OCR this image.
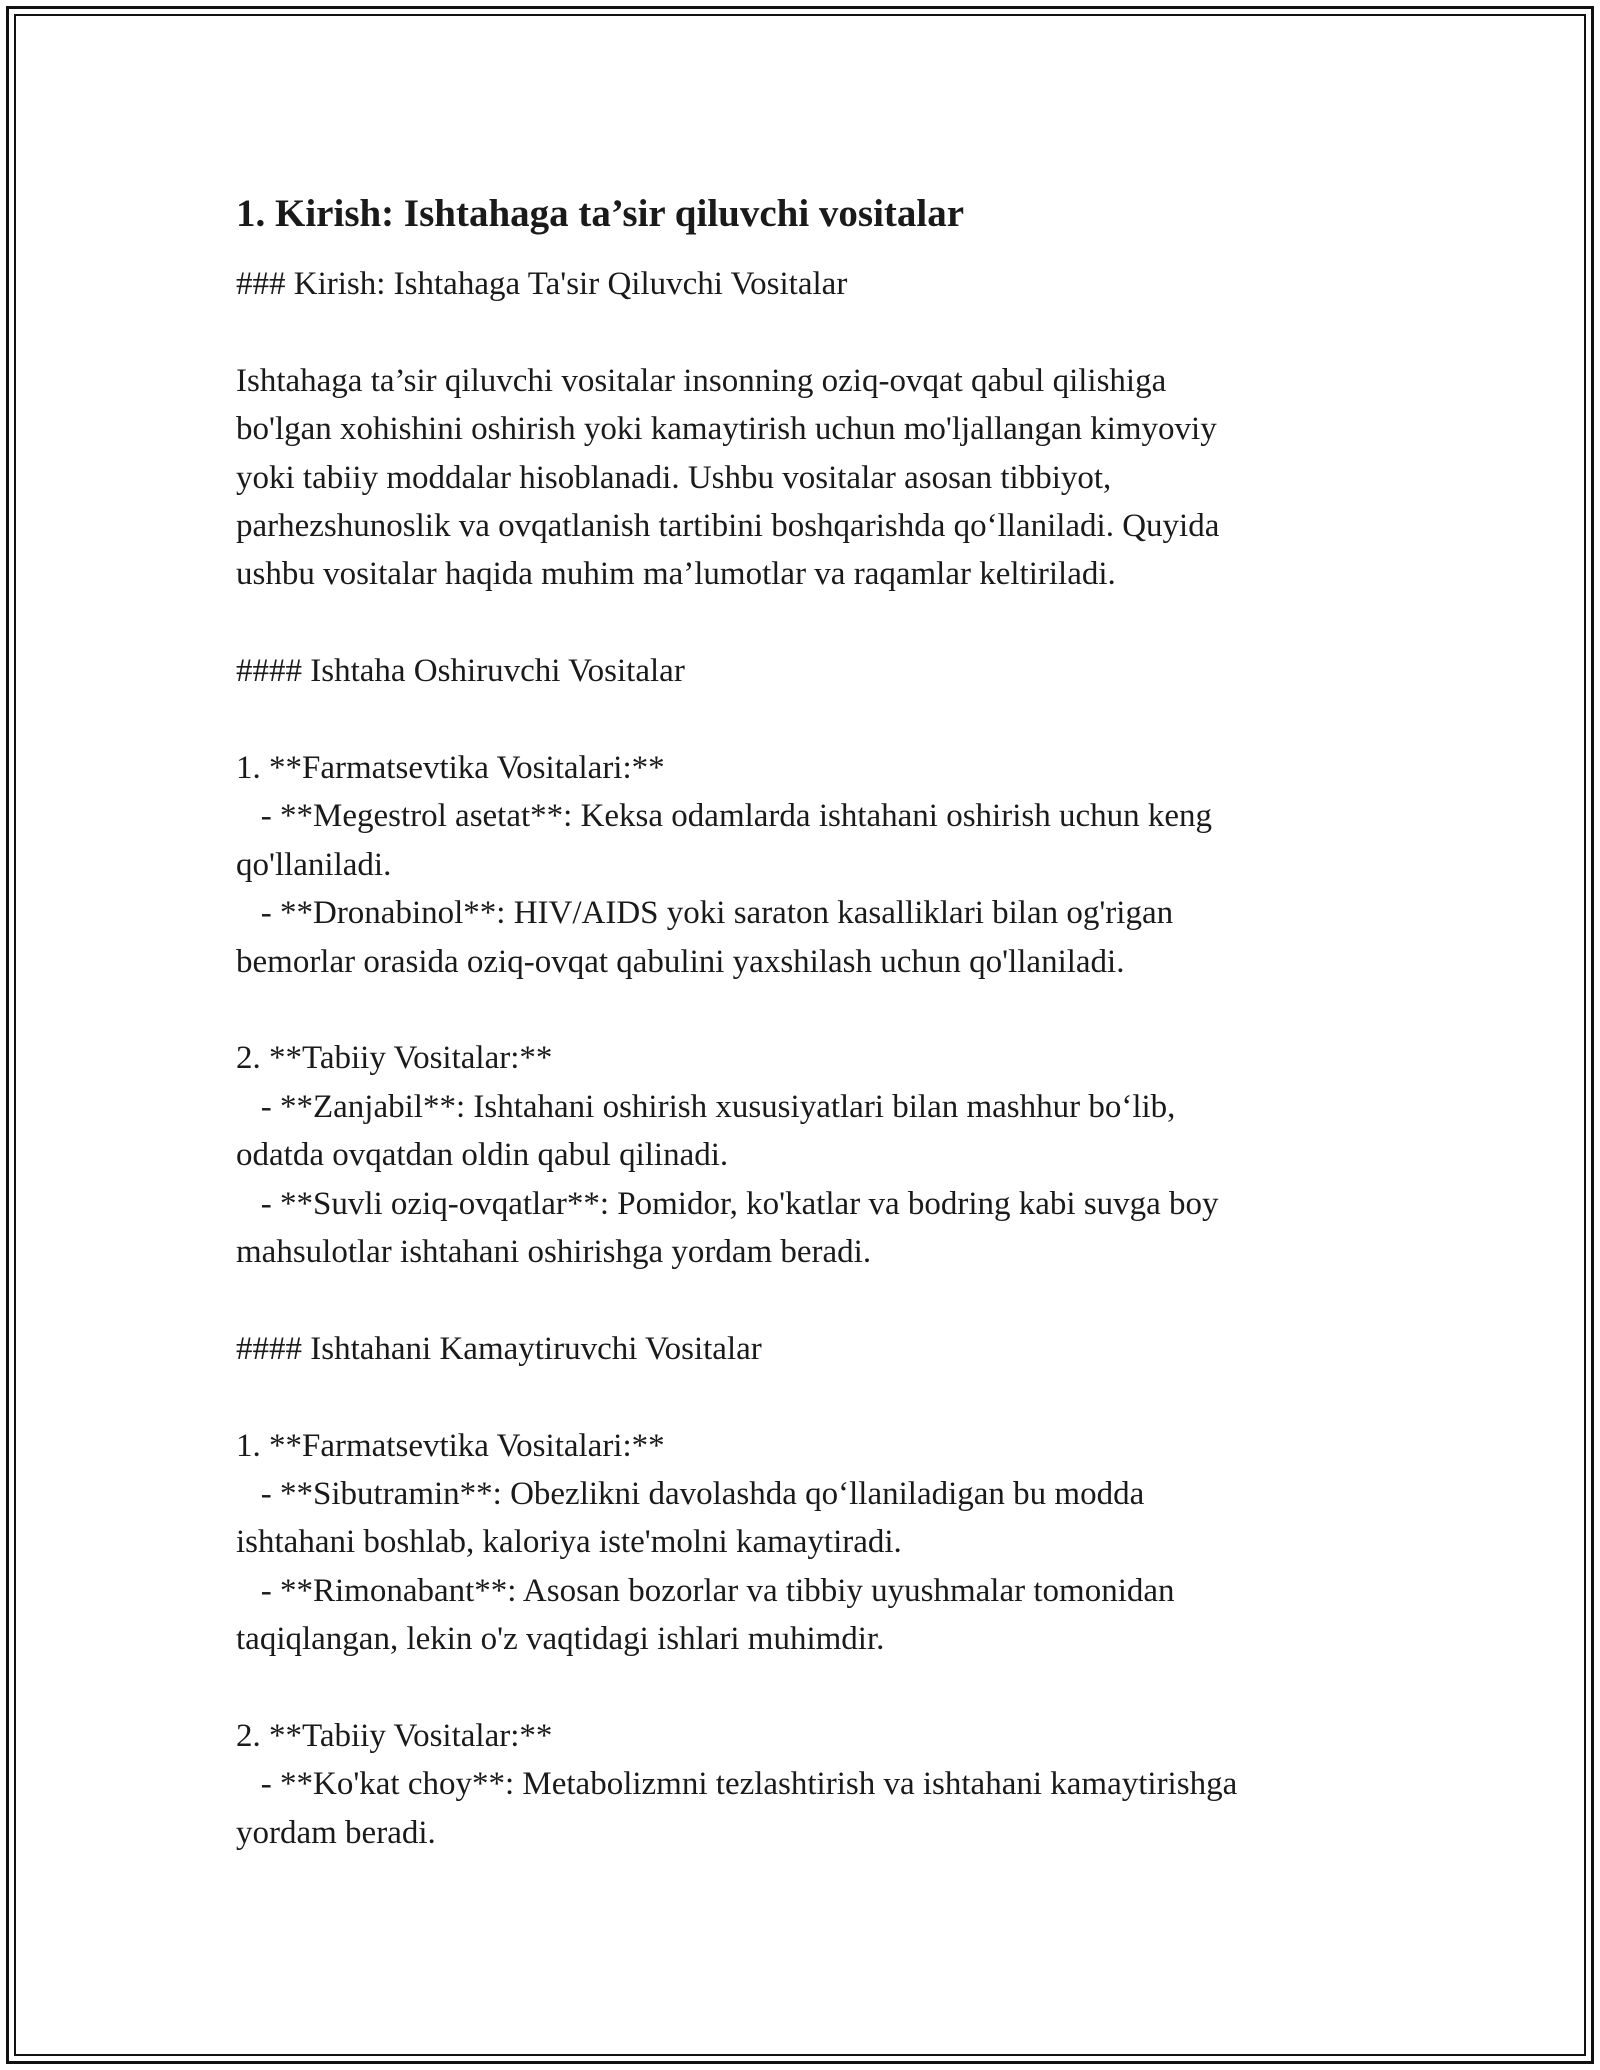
1. Kirish: Ishtahaga ta’sir qiluvchi vositalar

### Kirish: Ishtahaga Ta'sir Qiluvchi Vositalar

Ishtahaga ta’sir qiluvchi vositalar insonning oziq-ovqat qabul qilishiga

bo'lgan xohishini oshirish yoki kamaytirish uchun mo'ljallangan kimyoviy

yoki tabiiy moddalar hisoblanadi. Ushbu vositalar asosan tibbiyot,

parhezshunoslik va ovqatlanish tartibini boshqarishda qo‘llaniladi. Quyida

ushbu vositalar haqida muhim ma’lumotlar va raqamlar keltiriladi.

#### Ishtaha Oshiruvchi Vositalar

1. **Farmatsevtika Vositalari:**

- **Megestrol asetat**: Keksa odamlarda ishtahani oshirish uchun keng

qo'llaniladi.

- **Dronabinol**: HIV/AIDS yoki saraton kasalliklari bilan og'rigan

bemorlar orasida oziq-ovqat qabulini yaxshilash uchun qo'llaniladi.

2. **Tabiiy Vositalar:**

- **Zanjabil**: Ishtahani oshirish xususiyatlari bilan mashhur bo‘lib,

odatda ovqatdan oldin qabul qilinadi.

- **Suvli oziq-ovqatlar**: Pomidor, ko'katlar va bodring kabi suvga boy

mahsulotlar ishtahani oshirishga yordam beradi.

#### Ishtahani Kamaytiruvchi Vositalar

1. **Farmatsevtika Vositalari:**

- **Sibutramin**: Obezlikni davolashda qo‘llaniladigan bu modda

ishtahani boshlab, kaloriya iste'molni kamaytiradi.

- **Rimonabant**: Asosan bozorlar va tibbiy uyushmalar tomonidan

taqiqlangan, lekin o'z vaqtidagi ishlari muhimdir.

2. **Tabiiy Vositalar:**

- **Ko'kat choy**: Metabolizmni tezlashtirish va ishtahani kamaytirishga

yordam beradi.
